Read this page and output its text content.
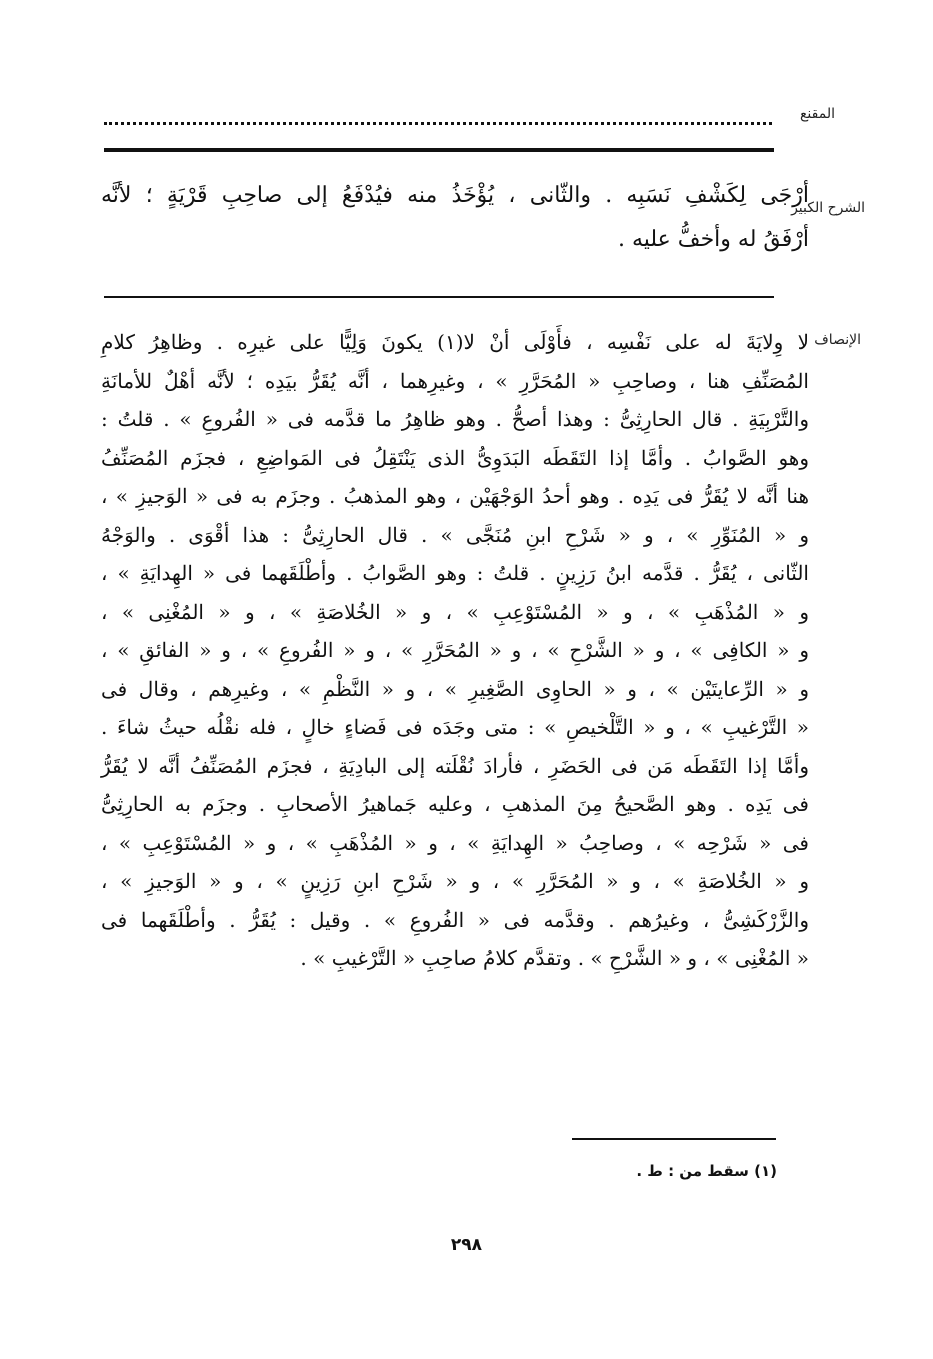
المقنع
الشرح الكبير
أرْجَى لِكَشْفِ نَسَبِه . والثّانى ، يُؤْخَذُ منه فيُدْفَعُ إلى صاحِبِ قَرْيَةٍ ؛ لأنَّه
أرْفَقُ له وأخفُّ عليه .
الإنصاف
لا وِلايَةَ له على نَفْسِه ، فأَوْلَى أنْ لا(١) يكونَ وَلِيًّا على غيرِه . وظاهِرُ كلامِ
المُصَنِّفِ هنا ، وصاحِبِ « المُحَرَّرِ » ، وغيرِهما ، أنَّه يُقَرُّ بيَدِه ؛ لأنَّه أهْلٌ للأمانَةِ
والتَّرْبِيَةِ . قال الحارِثِىُّ : وهذا أصحُّ . وهو ظاهِرُ ما قدَّمه فى « الفُروعِ » . قلتُ :
وهو الصَّوابُ . وأمَّا إذا التَقَطَه البَدَوِىُّ الذى يَنْتَقِلُ فى المَواضِعِ ، فجزَم المُصَنِّفُ
هنا أنَّه لا يُقَرُّ فى يَدِه . وهو أحدُ الوَجْهَيْن ، وهو المذهبُ . وجزَم به فى « الوَجيزِ » ،
و « المُنَوِّرِ » ، و « شَرْحِ ابنِ مُنَجَّى » . قال الحارِثِىُّ : هذا أقْوَى . والوَجْهُ
الثّانى ، يُقَرُّ . قدَّمه ابنُ رَزِينٍ . قلتُ : وهو الصَّوابُ . وأطْلَقَهما فى « الهِدايَةِ » ،
و « المُذْهَبِ » ، و « المُسْتَوْعِبِ » ، و « الخُلاصَةِ » ، و « المُغْنِى » ،
و « الكافِى » ، و « الشَّرْحِ » ، و « المُحَرَّرِ » ، و « الفُروعِ » ، و « الفائقِ » ،
و « الرِّعايتَيْن » ، و « الحاوِى الصَّغِيرِ » ، و « النَّظْمِ » ، وغيرِهم ، وقال فى
« التَّرْغيبِ » ، و « التَّلْخيصِ » : متى وجَدَه فى فَضاءٍ خالٍ ، فله نقْلُه حيثُ شاءَ .
وأمَّا إذا التَقَطَه مَن فى الحَضَرِ ، فأرادَ نُقْلَته إلى البادِيَةِ ، فجزَم المُصَنِّفُ أنَّه لا يُقَرُّ
فى يَدِه . وهو الصَّحيحُ مِنَ المذهبِ ، وعليه جَماهيرُ الأصحابِ . وجزَم به الحارِثِىُّ
فى « شَرْحِه » ، وصاحِبُ « الهِدايَةِ » ، و « المُذْهَبِ » ، و « المُسْتَوْعِبِ » ،
و « الخُلاصَةِ » ، و « المُحَرَّرِ » ، و « شَرْحِ ابنِ رَزِينٍ » ، و « الوَجيزِ » ،
والزَّرْكَشِىُّ ، وغيرُهم . وقدَّمه فى « الفُروعِ » . وقيل : يُقَرُّ . وأطْلَقَهما فى
« المُغْنِى » ، و « الشَّرْحِ » . وتقدَّم كلامُ صاحِبِ « التَّرْغيبِ » .
(١) سقط من : ط .
٢٩٨
